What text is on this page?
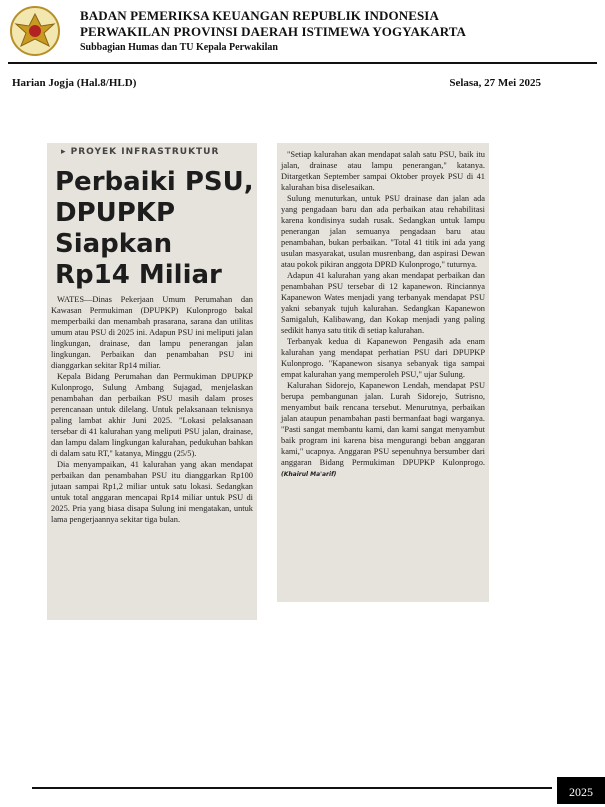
BADAN PEMERIKSA KEUANGAN REPUBLIK INDONESIA
PERWAKILAN PROVINSI DAERAH ISTIMEWA YOGYAKARTA
Subbagian Humas dan TU Kepala Perwakilan
Harian Jogja (Hal.8/HLD)	Selasa, 27 Mei 2025
▸ PROYEK INFRASTRUKTUR
Perbaiki PSU,
DPUPKP
Siapkan
Rp14 Miliar

WATES—Dinas Pekerjaan Umum Perumahan dan Kawasan Permukiman (DPUPKP) Kulonprogo bakal memperbaiki dan menambah prasarana, sarana dan utilitas umum atau PSU di 2025 ini. Adapun PSU ini meliputi jalan lingkungan, drainase, dan lampu penerangan jalan lingkungan. Perbaikan dan penambahan PSU ini dianggarkan sekitar Rp14 miliar.

Kepala Bidang Perumahan dan Permukiman DPUPKP Kulonprogo, Sulung Ambang Sujagad, menjelaskan penambahan dan perbaikan PSU masih dalam proses perencanaan untuk dilelang. Untuk pelaksanaan teknisnya paling lambat akhir Juni 2025. "Lokasi pelaksanaan tersebar di 41 kalurahan yang meliputi PSU jalan, drainase, dan lampu dalam lingkungan kalurahan, pedukuhan bahkan di dalam satu RT," katanya, Minggu (25/5).

Dia menyampaikan, 41 kalurahan yang akan mendapat perbaikan dan penambahan PSU itu dianggarkan Rp100 jutaan sampai Rp1,2 miliar untuk satu lokasi. Sedangkan untuk total anggaran mencapai Rp14 miliar untuk PSU di 2025. Pria yang biasa disapa Sulung ini mengatakan, untuk lama pengerjaannya sekitar tiga bulan.

"Setiap kalurahan akan mendapat salah satu PSU, baik itu jalan, drainase atau lampu penerangan," katanya. Ditargetkan September sampai Oktober proyek PSU di 41 kalurahan bisa diselesaikan.

Sulung menuturkan, untuk PSU drainase dan jalan ada yang pengadaan baru dan ada perbaikan atau rehabilitasi karena kondisinya sudah rusak. Sedangkan untuk lampu penerangan jalan semuanya pengadaan baru atau penambahan, bukan perbaikan. "Total 41 titik ini ada yang usulan masyarakat, usulan musrenbang, dan aspirasi Dewan atau pokok pikiran anggota DPRD Kulonprogo," tuturnya.

Adapun 41 kalurahan yang akan mendapat perbaikan dan penambahan PSU tersebar di 12 kapanewon. Rinciannya Kapanewon Wates menjadi yang terbanyak mendapat PSU yakni sebanyak tujuh kalurahan. Sedangkan Kapanewon Samigaluh, Kalibawang, dan Kokap menjadi yang paling sedikit hanya satu titik di setiap kalurahan.

Terbanyak kedua di Kapanewon Pengasih ada enam kalurahan yang mendapat perhatian PSU dari DPUPKP Kulonprogo. "Kapanewon sisanya sebanyak tiga sampai empat kalurahan yang memperoleh PSU," ujar Sulung.

Kalurahan Sidorejo, Kapanewon Lendah, mendapat PSU berupa pembangunan jalan. Lurah Sidorejo, Sutrisno, menyambut baik rencana tersebut. Menurutnya, perbaikan jalan ataupun penambahan pasti bermanfaat bagi warganya. "Pasti sangat membantu kami, dan kami sangat menyambut baik program ini karena bisa mengurangi beban anggaran kami," ucapnya. Anggaran PSU sepenuhnya bersumber dari anggaran Bidang Permukiman DPUPKP Kulonprogo. (Khairul Ma'arif)

2025
